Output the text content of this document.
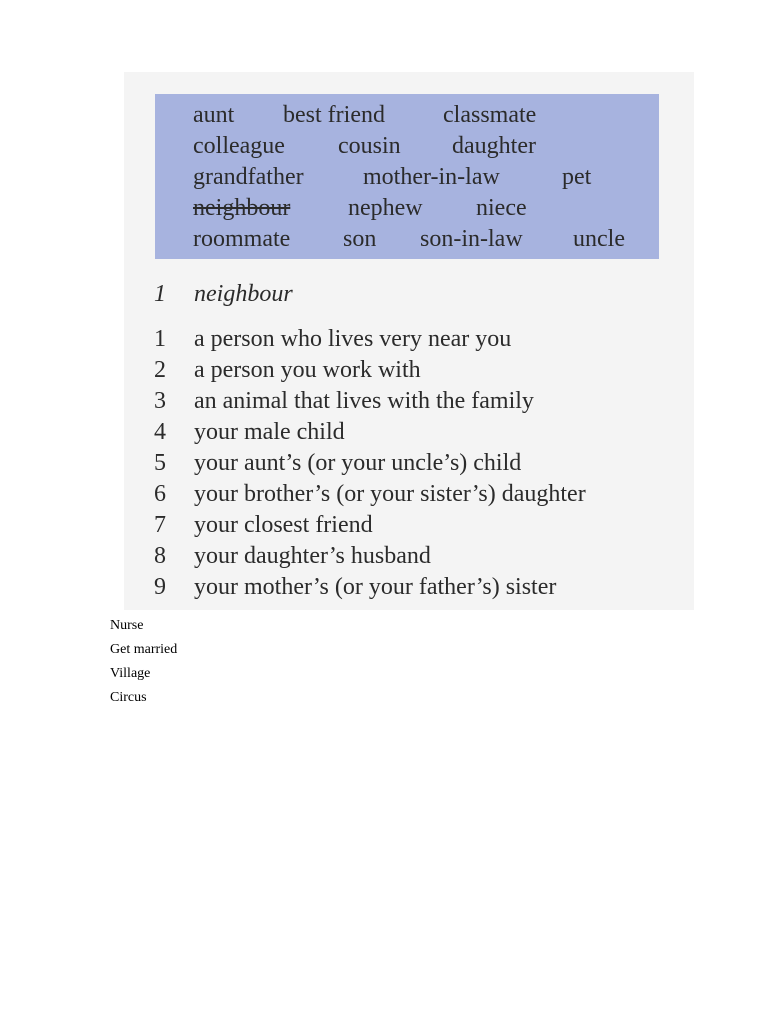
aunt best friend classmate
colleague cousin daughter
grandfather mother-in-law	pet
neighbour nephew niece
roommate son son-in-law uncle
1 neighbour
1 a person who lives very near you
2 a person you work with
3 an animal that lives with the family
4 your male child
5 your aunt’s (or your uncle’s) child
6 your brother’s (or your sister’s) daughter
7 your closest friend
8 your daughter’s husband
9 your mother’s (or your father’s) sister
Nurse
Get married
Village
Circus
